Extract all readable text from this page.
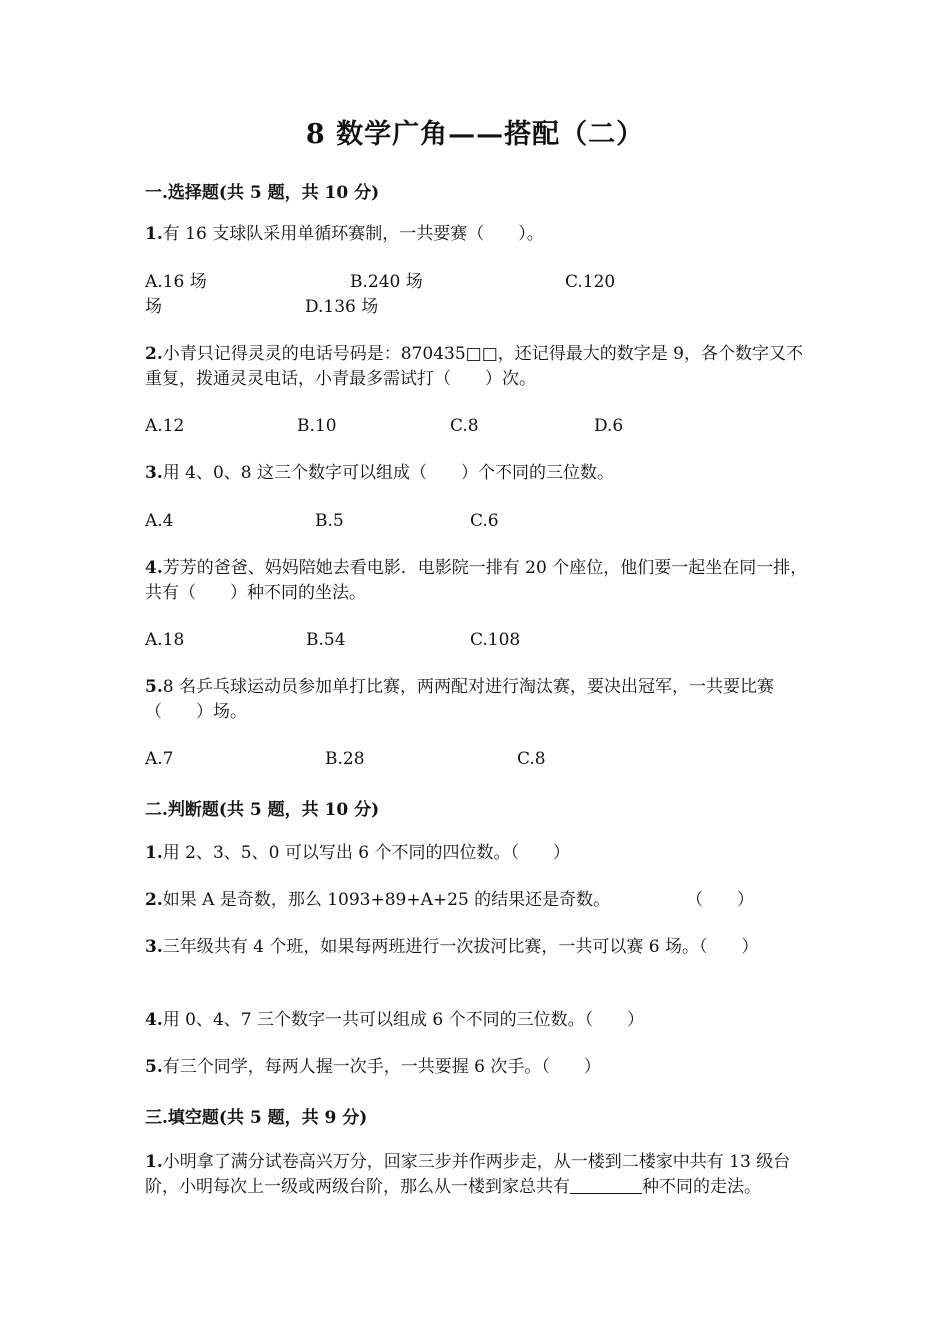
8 数学广角——搭配（二）
一.选择题(共 5 题，共 10 分)
1.有 16 支球队采用单循环赛制，一共要赛（　　）。
A.16 场	B.240 场	C.120
场	D.136 场
2.小青只记得灵灵的电话号码是：870435□□，还记得最大的数字是 9，各个数字又不重复，拨通灵灵电话，小青最多需试打（　　）次。
A.12	B.10	C.8	D.6
3.用 4、0、8 这三个数字可以组成（　　）个不同的三位数。
A.4	B.5	C.6
4.芳芳的爸爸、妈妈陪她去看电影．电影院一排有 20 个座位，他们要一起坐在同一排，共有（　　）种不同的坐法。
A.18	B.54	C.108
5.8 名乒乓球运动员参加单打比赛，两两配对进行淘汰赛，要决出冠军，一共要比赛（　　）场。
A.7	B.28	C.8
二.判断题(共 5 题，共 10 分)
1.用 2、3、5、0 可以写出 6 个不同的四位数。（　　）
2.如果 A 是奇数，那么 1093+89+A+25 的结果还是奇数。	（　　）
3.三年级共有 4 个班，如果每两班进行一次拔河比赛，一共可以赛 6 场。（　　）
4.用 0、4、7 三个数字一共可以组成 6 个不同的三位数。（　　）
5.有三个同学，每两人握一次手，一共要握 6 次手。（　　）
三.填空题(共 5 题，共 9 分)
1.小明拿了满分试卷高兴万分，回家三步并作两步走，从一楼到二楼家中共有 13 级台阶，小明每次上一级或两级台阶，那么从一楼到家总共有	种不同的走法。
